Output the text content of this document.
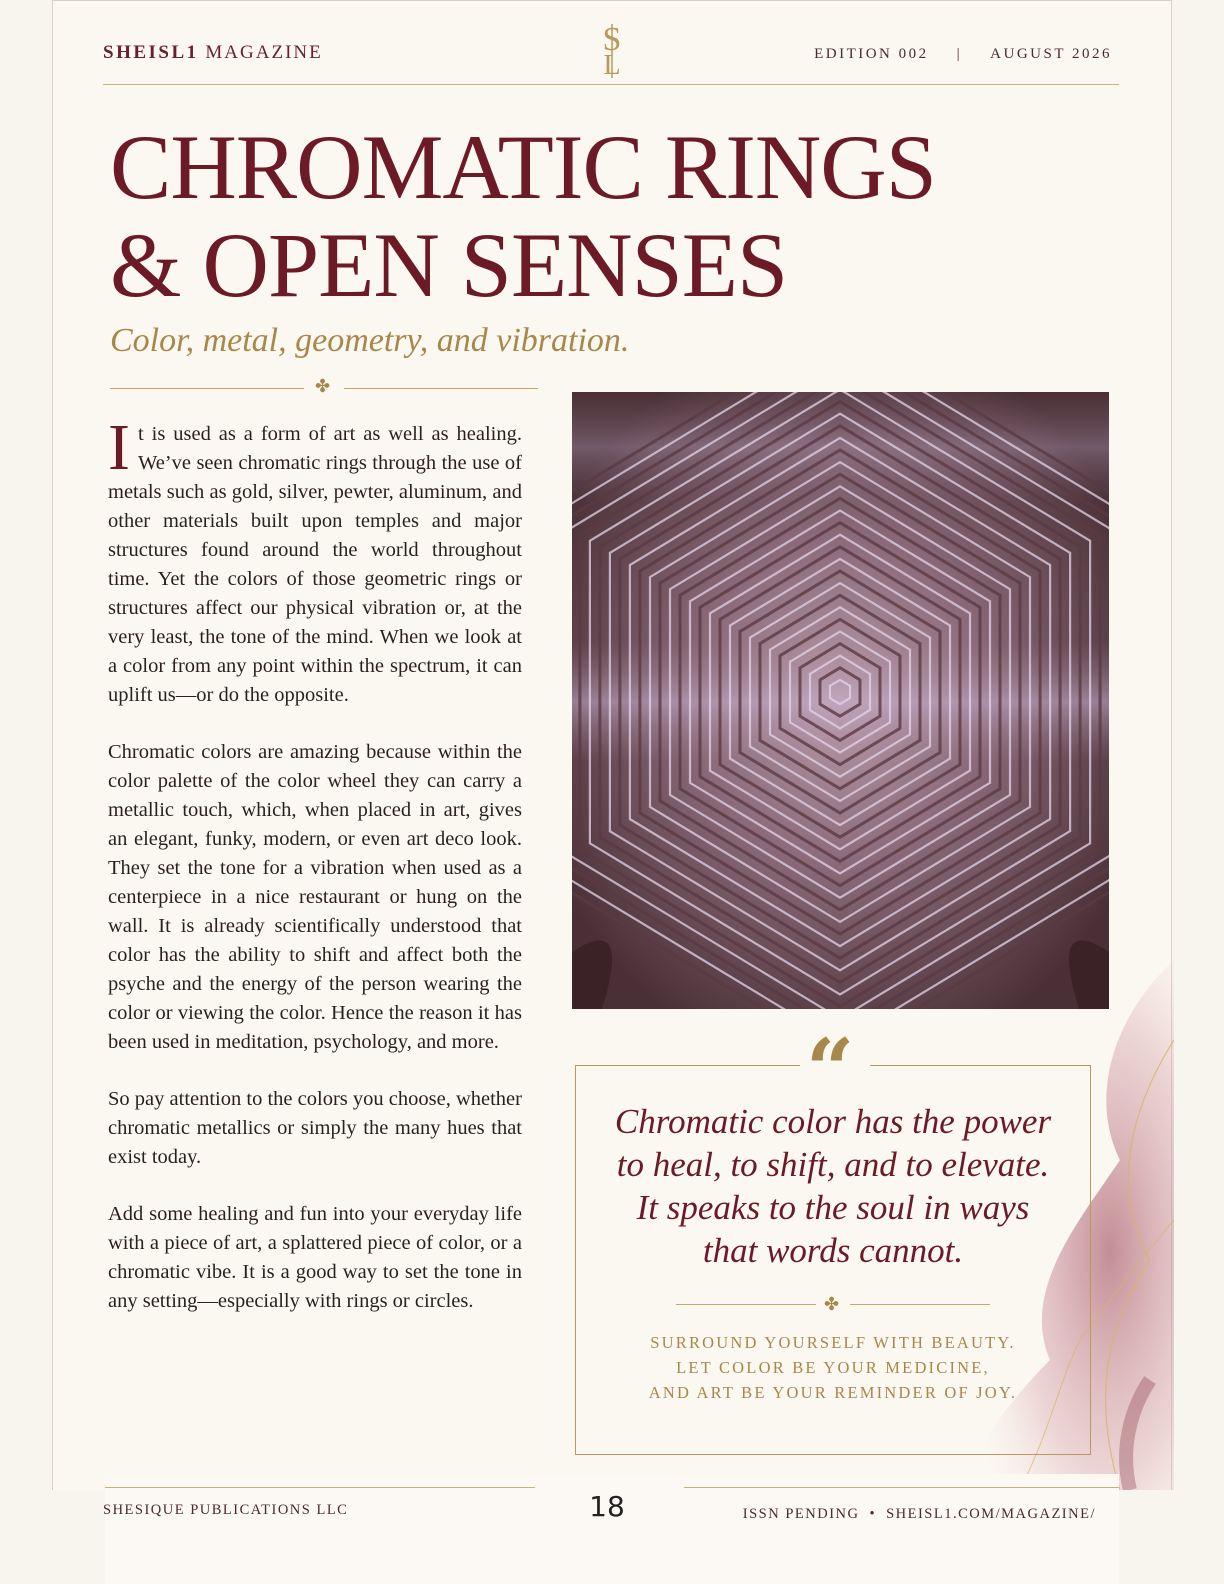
SHEISL1 MAGAZINE	S
L	EDITION 002 | AUGUST 2026
CHROMATIC RINGS
& OPEN SENSES
Color, metal, geometry, and vibration.
✤

It is used as a form of art as well as healing. We’ve seen chromatic rings through the use of metals such as gold, silver, pewter, aluminum, and other materials built upon temples and major structures found around the world throughout time. Yet the colors of those geometric rings or structures affect our physical vibration or, at the very least, the tone of the mind. When we look at a color from any point within the spectrum, it can uplift us—or do the opposite.

Chromatic colors are amazing because within the color palette of the color wheel they can carry a metallic touch, which, when placed in art, gives an elegant, funky, modern, or even art deco look. They set the tone for a vibration when used as a centerpiece in a nice restaurant or hung on the wall. It is already scientifically understood that color has the ability to shift and affect both the psyche and the energy of the person wearing the color or viewing the color. Hence the reason it has been used in meditation, psychology, and more.

So pay attention to the colors you choose, whether chromatic metallics or simply the many hues that exist today.

Add some healing and fun into your everyday life with a piece of art, a splattered piece of color, or a chromatic vibe. It is a good way to set the tone in any setting—especially with rings or circles.

“
Chromatic color has the power
to heal, to shift, and to elevate.
It speaks to the soul in ways
that words cannot.
✤
SURROUND YOURSELF WITH BEAUTY.
LET COLOR BE YOUR MEDICINE,
AND ART BE YOUR REMINDER OF JOY.
SHESIQUE PUBLICATIONS LLC	18	ISSN PENDING • SHEISL1.COM/MAGAZINE/
